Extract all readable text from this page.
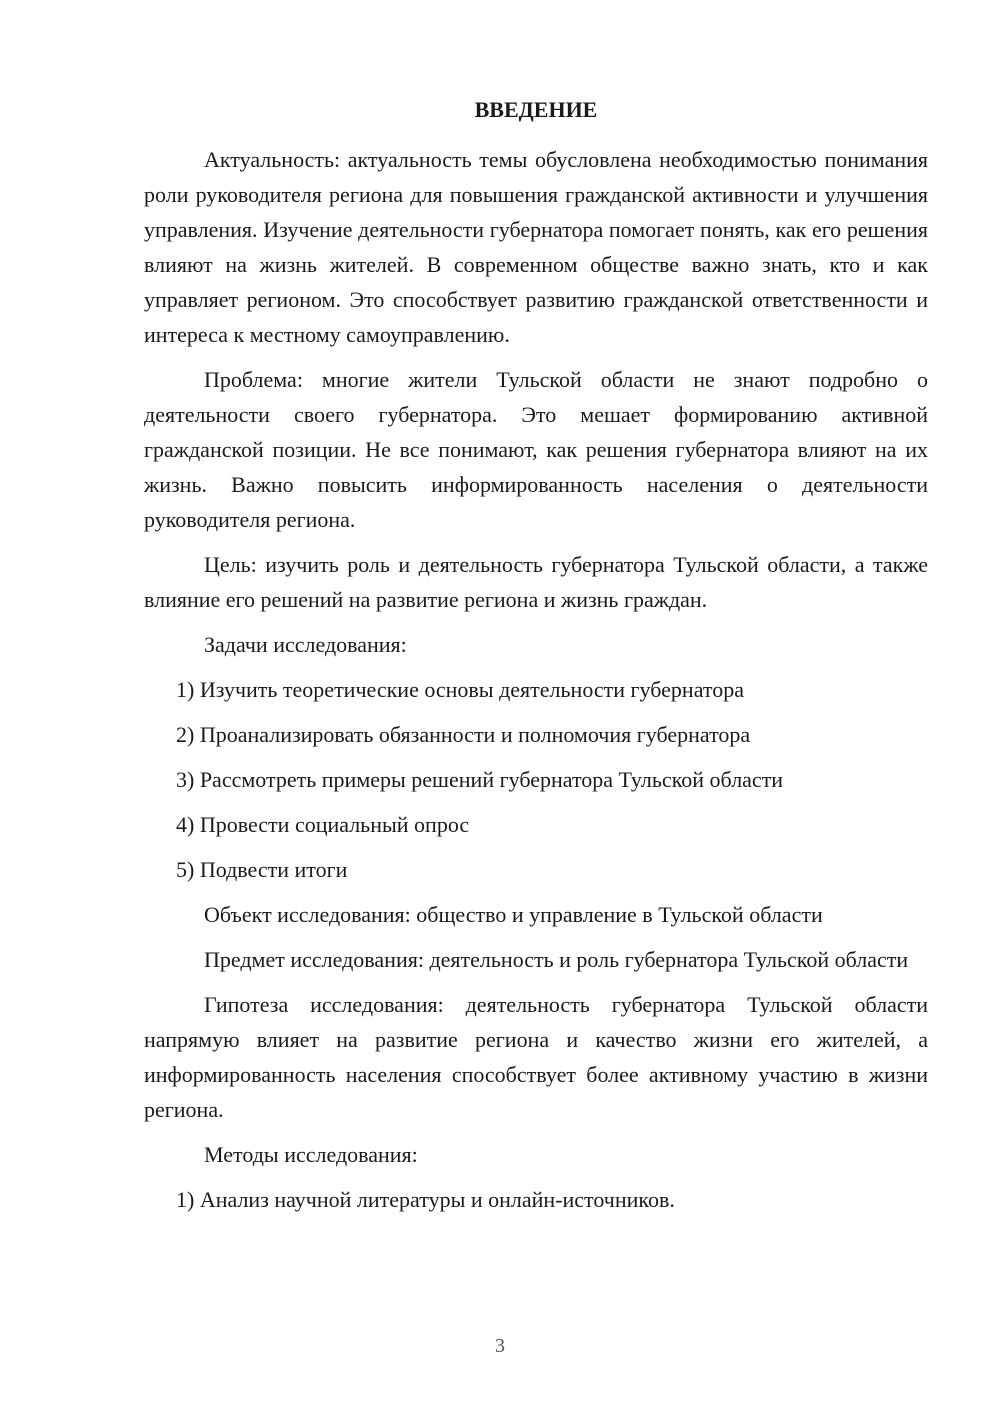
ВВЕДЕНИЕ

Актуальность: актуальность темы обусловлена необходимостью понимания роли руководителя региона для повышения гражданской активности и улучшения управления. Изучение деятельности губернатора помогает понять, как его решения влияют на жизнь жителей. В современном обществе важно знать, кто и как управляет регионом. Это способствует развитию гражданской ответственности и интереса к местному самоуправлению.

Проблема: многие жители Тульской области не знают подробно о деятельности своего губернатора. Это мешает формированию активной гражданской позиции. Не все понимают, как решения губернатора влияют на их жизнь. Важно повысить информированность населения о деятельности руководителя региона.

Цель: изучить роль и деятельность губернатора Тульской области, а также влияние его решений на развитие региона и жизнь граждан.

Задачи исследования:

1) Изучить теоретические основы деятельности губернатора

2) Проанализировать обязанности и полномочия губернатора

3) Рассмотреть примеры решений губернатора Тульской области

4) Провести социальный опрос

5) Подвести итоги

Объект исследования: общество и управление в Тульской области

Предмет исследования: деятельность и роль губернатора Тульской области

Гипотеза исследования: деятельность губернатора Тульской области напрямую влияет на развитие региона и качество жизни его жителей, а информированность населения способствует более активному участию в жизни региона.

Методы исследования:

1) Анализ научной литературы и онлайн-источников.

3
